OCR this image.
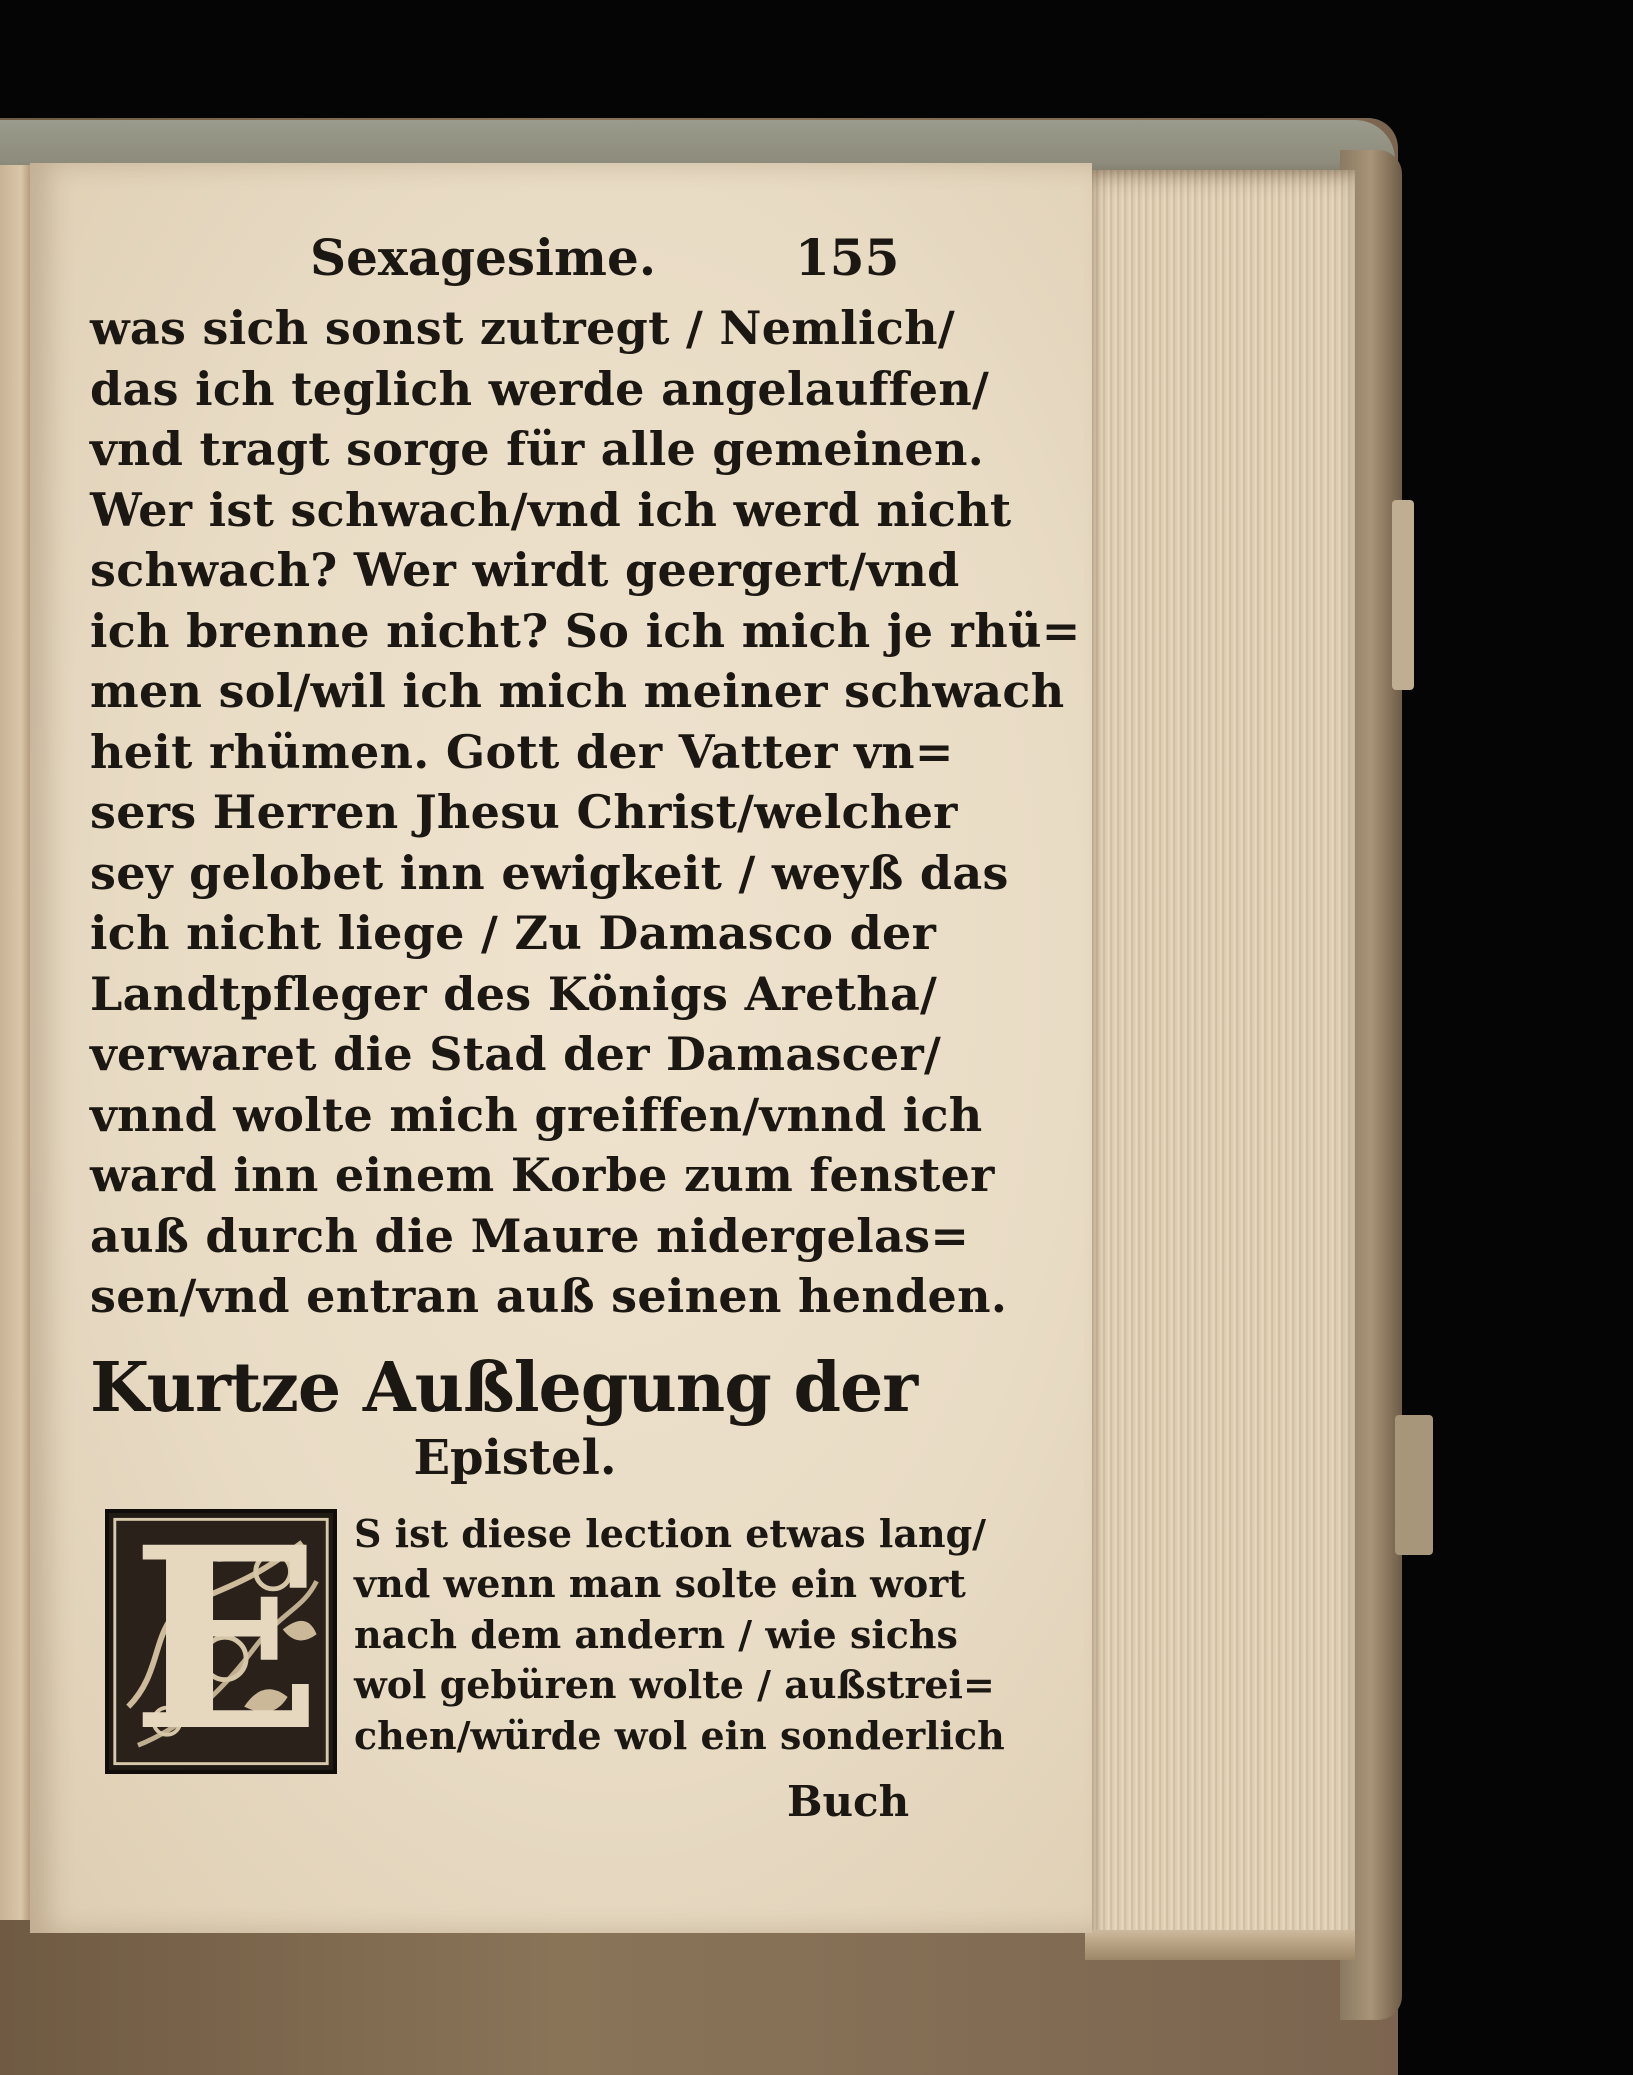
Sexagesime.	155
was sich sonst zutregt / Nemlich/
das ich teglich werde angelauffen/
vnd tragt sorge für alle gemeinen.
Wer ist schwach/vnd ich werd nicht
schwach? Wer wirdt geergert/vnd
ich brenne nicht? So ich mich je rhü=
men sol/wil ich mich meiner schwach
heit rhümen. Gott der Vatter vn=
sers Herren Jhesu Christ/welcher
sey gelobet inn ewigkeit / weyß das
ich nicht liege / Zu Damasco der
Landtpfleger des Königs Aretha/
verwaret die Stad der Damascer/
vnnd wolte mich greiffen/vnnd ich
ward inn einem Korbe zum fenster
auß durch die Maure nidergelas=
sen/vnd entran auß seinen henden.
Kurtze Außlegung der
Epistel.
E S ist diese lection etwas lang/
vnd wenn man solte ein wort
nach dem andern / wie sichs
wol gebüren wolte / außstrei=
chen/würde wol ein sonderlich
Buch
